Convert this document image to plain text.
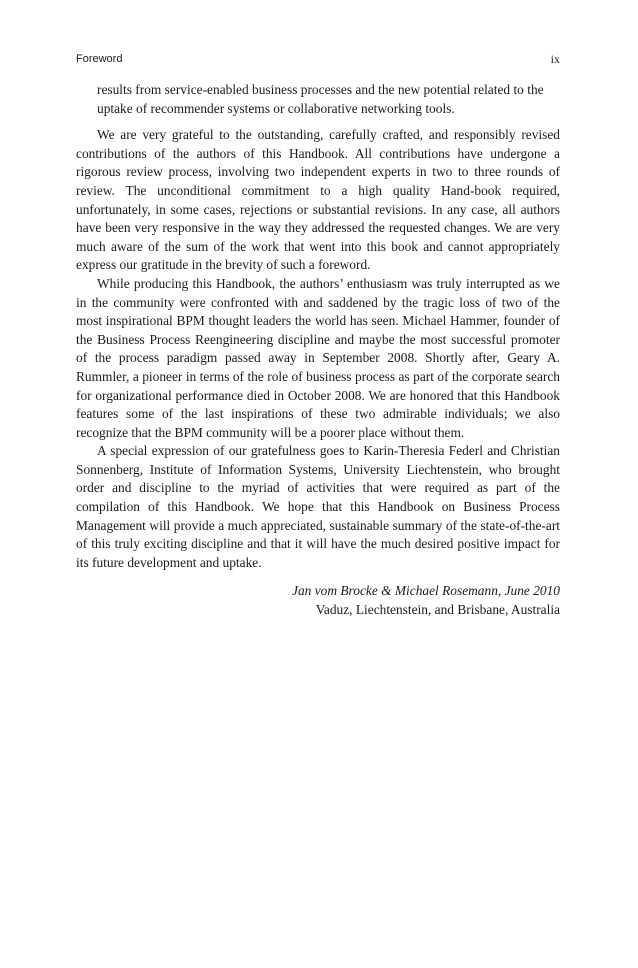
Foreword	ix

results from service-enabled business processes and the new potential related to the uptake of recommender systems or collaborative networking tools.

We are very grateful to the outstanding, carefully crafted, and responsibly revised contributions of the authors of this Handbook. All contributions have undergone a rigorous review process, involving two independent experts in two to three rounds of review. The unconditional commitment to a high quality Hand-book required, unfortunately, in some cases, rejections or substantial revisions. In any case, all authors have been very responsive in the way they addressed the requested changes. We are very much aware of the sum of the work that went into this book and cannot appropriately express our gratitude in the brevity of such a foreword.

While producing this Handbook, the authors’ enthusiasm was truly interrupted as we in the community were confronted with and saddened by the tragic loss of two of the most inspirational BPM thought leaders the world has seen. Michael Hammer, founder of the Business Process Reengineering discipline and maybe the most successful promoter of the process paradigm passed away in September 2008. Shortly after, Geary A. Rummler, a pioneer in terms of the role of business process as part of the corporate search for organizational performance died in October 2008. We are honored that this Handbook features some of the last inspirations of these two admirable individuals; we also recognize that the BPM community will be a poorer place without them.

A special expression of our gratefulness goes to Karin-Theresia Federl and Christian Sonnenberg, Institute of Information Systems, University Liechtenstein, who brought order and discipline to the myriad of activities that were required as part of the compilation of this Handbook. We hope that this Handbook on Business Process Management will provide a much appreciated, sustainable summary of the state-of-the-art of this truly exciting discipline and that it will have the much desired positive impact for its future development and uptake.

Jan vom Brocke & Michael Rosemann, June 2010
Vaduz, Liechtenstein, and Brisbane, Australia
